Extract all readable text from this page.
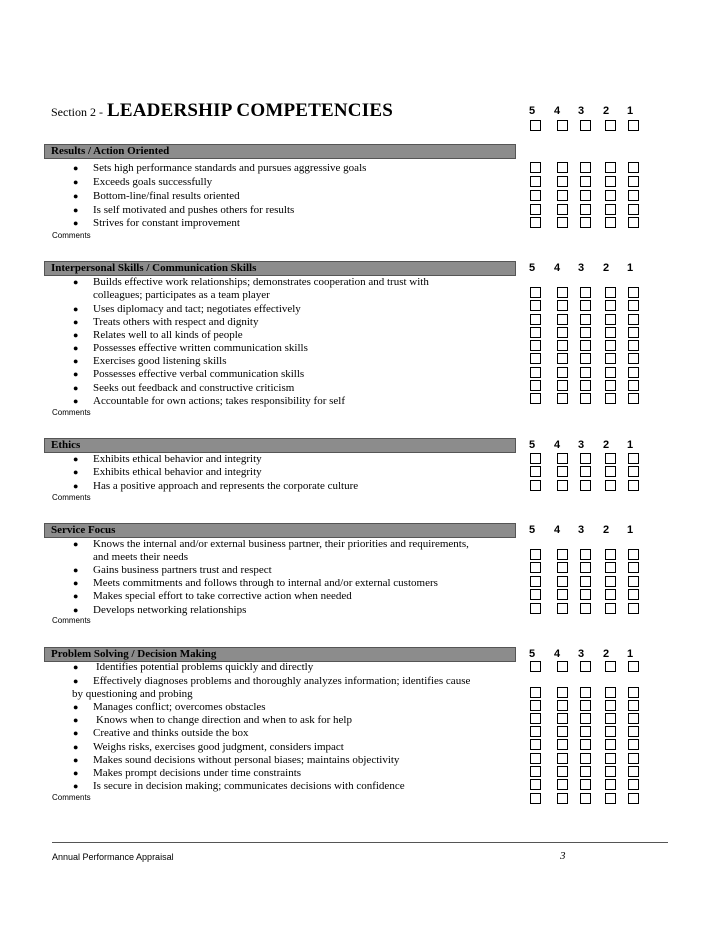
Section 2 - LEADERSHIP COMPETENCIES
Results / Action Oriented
5	4	3	2	1
● Sets high performance standards and pursues aggressive goals
● Exceeds goals successfully
● Bottom-line/final results oriented
● Is self motivated and pushes others for results
● Strives for constant improvement
Comments
Interpersonal Skills / Communication Skills	5	4	3	2	1
● Builds effective work relationships; demonstrates cooperation and trust with
colleagues; participates as a team player
● Uses diplomacy and tact; negotiates effectively
● Treats others with respect and dignity
● Relates well to all kinds of people
● Possesses effective written communication skills
● Exercises good listening skills
● Possesses effective verbal communication skills
● Seeks out feedback and constructive criticism
● Accountable for own actions; takes responsibility for self
Comments
Ethics	5	4	3	2	1
● Exhibits ethical behavior and integrity
● Exhibits ethical behavior and integrity
● Has a positive approach and represents the corporate culture
Comments
Service Focus	5	4	3	2	1
● Knows the internal and/or external business partner, their priorities and requirements,
and meets their needs
● Gains business partners trust and respect
● Meets commitments and follows through to internal and/or external customers
● Makes special effort to take corrective action when needed
● Develops networking relationships
Comments
Problem Solving / Decision Making	5	4	3	2	1
● Identifies potential problems quickly and directly
● Effectively diagnoses problems and thoroughly analyzes information; identifies cause
by questioning and probing
● Manages conflict; overcomes obstacles
● Knows when to change direction and when to ask for help
● Creative and thinks outside the box
● Weighs risks, exercises good judgment, considers impact
● Makes sound decisions without personal biases; maintains objectivity
● Makes prompt decisions under time constraints
● Is secure in decision making; communicates decisions with confidence
Comments
Annual Performance Appraisal	3
